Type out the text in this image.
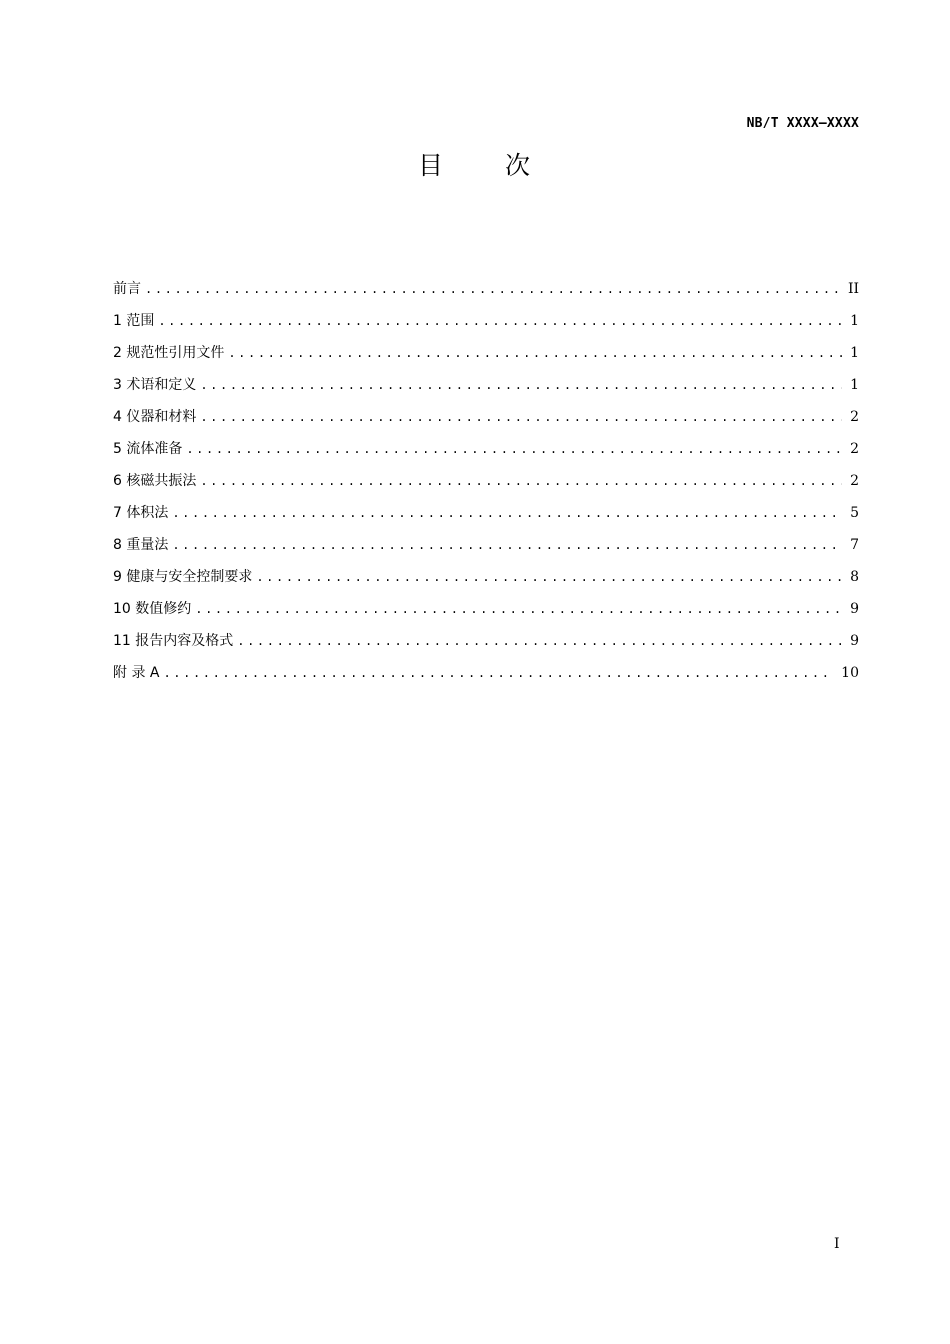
NB/T XXXX—XXXX
目 次
前言 .....	II
1 范围 .....	1
2 规范性引用文件 .....	1
3 术语和定义 .....	1
4 仪器和材料 .....	2
5 流体准备 .....	2
6 核磁共振法 .....	2
7 体积法 .....	5
8 重量法 .....	7
9 健康与安全控制要求 .....	8
10 数值修约 .....	9
11 报告内容及格式 .....	9
附 录 A .....	10
I
